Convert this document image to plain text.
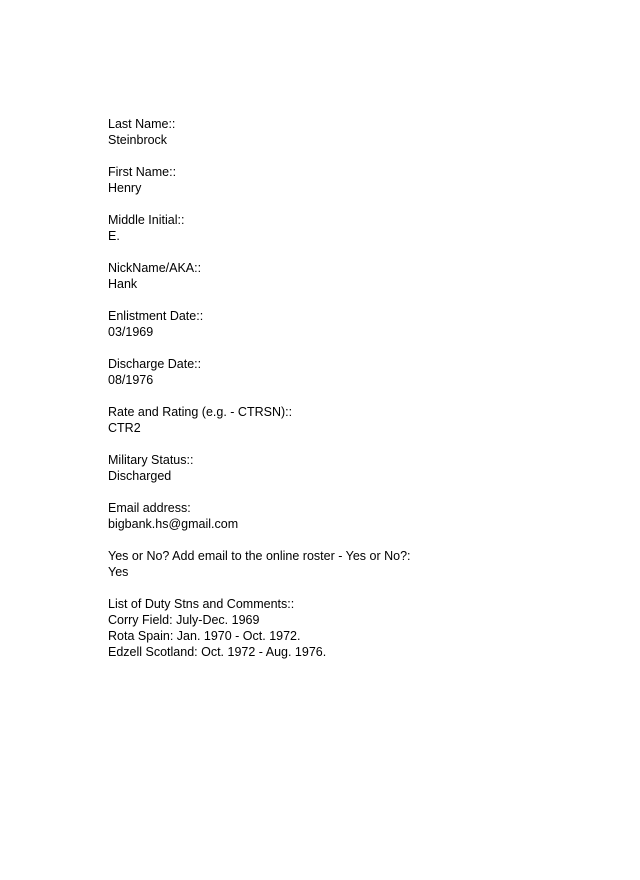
Last Name::
Steinbrock
First Name::
Henry
Middle Initial::
E.
NickName/AKA::
Hank
Enlistment Date::
03/1969
Discharge Date::
08/1976
Rate and Rating (e.g. - CTRSN)::
CTR2
Military Status::
Discharged
Email address:
bigbank.hs@gmail.com
Yes or No? Add email to the online roster - Yes or No?:
Yes
List of Duty Stns and Comments::
Corry Field: July-Dec. 1969
Rota Spain: Jan. 1970 - Oct. 1972.
Edzell Scotland: Oct. 1972 - Aug. 1976.
